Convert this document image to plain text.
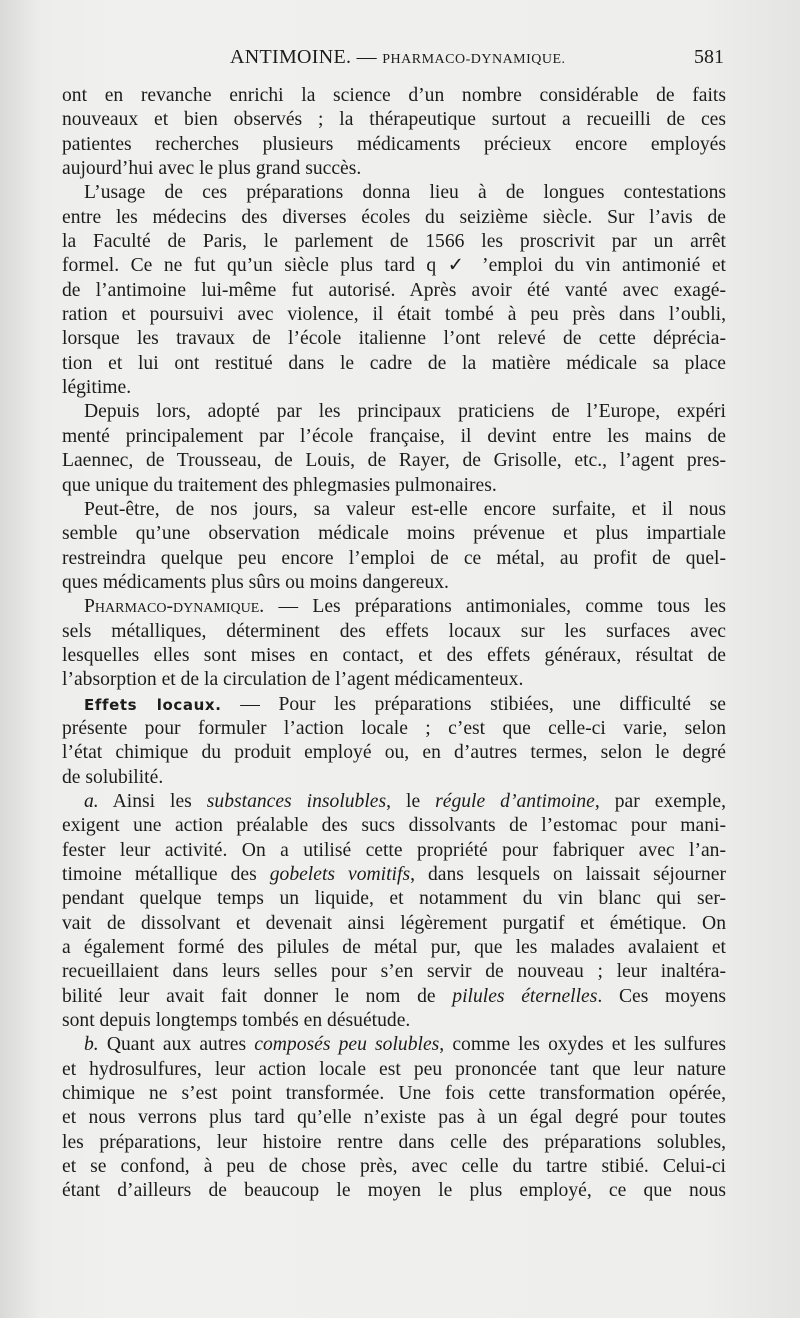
ANTIMOINE. — PHARMACO-DYNAMIQUE.	581
ont en revanche enrichi la science d’un nombre considérable de faits
nouveaux et bien observés ; la thérapeutique surtout a recueilli de ces
patientes recherches plusieurs médicaments précieux encore employés
aujourd’hui avec le plus grand succès.
L’usage de ces préparations donna lieu à de longues contestations
entre les médecins des diverses écoles du seizième siècle. Sur l’avis de
la Faculté de Paris, le parlement de 1566 les proscrivit par un arrêt
formel. Ce ne fut qu’un siècle plus tard q ✓ ’emploi du vin antimonié et
de l’antimoine lui-même fut autorisé. Après avoir été vanté avec exagé-
ration et poursuivi avec violence, il était tombé à peu près dans l’oubli,
lorsque les travaux de l’école italienne l’ont relevé de cette déprécia-
tion et lui ont restitué dans le cadre de la matière médicale sa place
légitime.
Depuis lors, adopté par les principaux praticiens de l’Europe, expéri
menté principalement par l’école française, il devint entre les mains de
Laennec, de Trousseau, de Louis, de Rayer, de Grisolle, etc., l’agent pres-
que unique du traitement des phlegmasies pulmonaires.
Peut-être, de nos jours, sa valeur est-elle encore surfaite, et il nous
semble qu’une observation médicale moins prévenue et plus impartiale
restreindra quelque peu encore l’emploi de ce métal, au profit de quel-
ques médicaments plus sûrs ou moins dangereux.
Pharmaco-dynamique. — Les préparations antimoniales, comme tous les
sels métalliques, déterminent des effets locaux sur les surfaces avec
lesquelles elles sont mises en contact, et des effets généraux, résultat de
l’absorption et de la circulation de l’agent médicamenteux.
Effets locaux. — Pour les préparations stibiées, une difficulté se
présente pour formuler l’action locale ; c’est que celle-ci varie, selon
l’état chimique du produit employé ou, en d’autres termes, selon le degré
de solubilité.
a. Ainsi les substances insolubles, le régule d’antimoine, par exemple,
exigent une action préalable des sucs dissolvants de l’estomac pour mani-
fester leur activité. On a utilisé cette propriété pour fabriquer avec l’an-
timoine métallique des gobelets vomitifs, dans lesquels on laissait séjourner
pendant quelque temps un liquide, et notamment du vin blanc qui ser-
vait de dissolvant et devenait ainsi légèrement purgatif et émétique. On
a également formé des pilules de métal pur, que les malades avalaient et
recueillaient dans leurs selles pour s’en servir de nouveau ; leur inaltéra-
bilité leur avait fait donner le nom de pilules éternelles. Ces moyens
sont depuis longtemps tombés en désuétude.
b. Quant aux autres composés peu solubles, comme les oxydes et les sulfures
et hydrosulfures, leur action locale est peu prononcée tant que leur nature
chimique ne s’est point transformée. Une fois cette transformation opérée,
et nous verrons plus tard qu’elle n’existe pas à un égal degré pour toutes
les préparations, leur histoire rentre dans celle des préparations solubles,
et se confond, à peu de chose près, avec celle du tartre stibié. Celui-ci
étant d’ailleurs de beaucoup le moyen le plus employé, ce que nous
